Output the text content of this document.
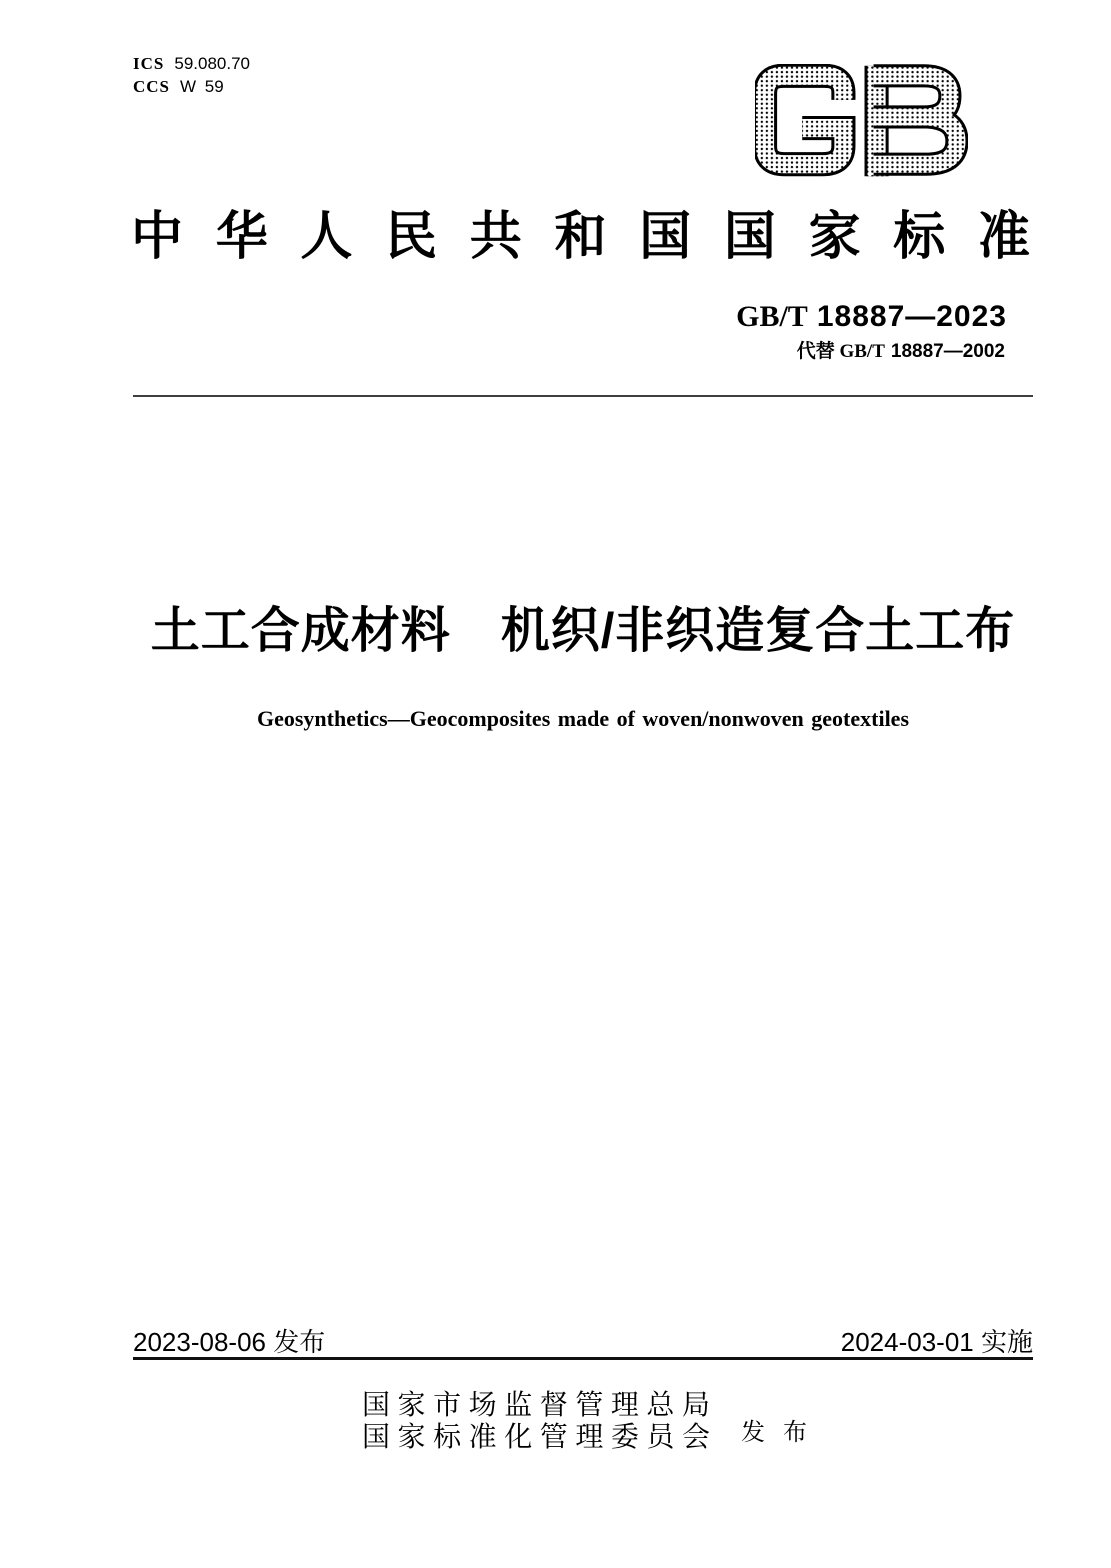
ICS 59.080.70
CCS W 59
中华人民共和国国家标准
GB/T 18887—2023
代替 GB/T 18887—2002
土工合成材料　机织/非织造复合土工布
Geosynthetics—Geocomposites made of woven/nonwoven geotextiles
2023-08-06 发布	2024-03-01 实施
国家市场监督管理总局
国家标准化管理委员会 发 布
